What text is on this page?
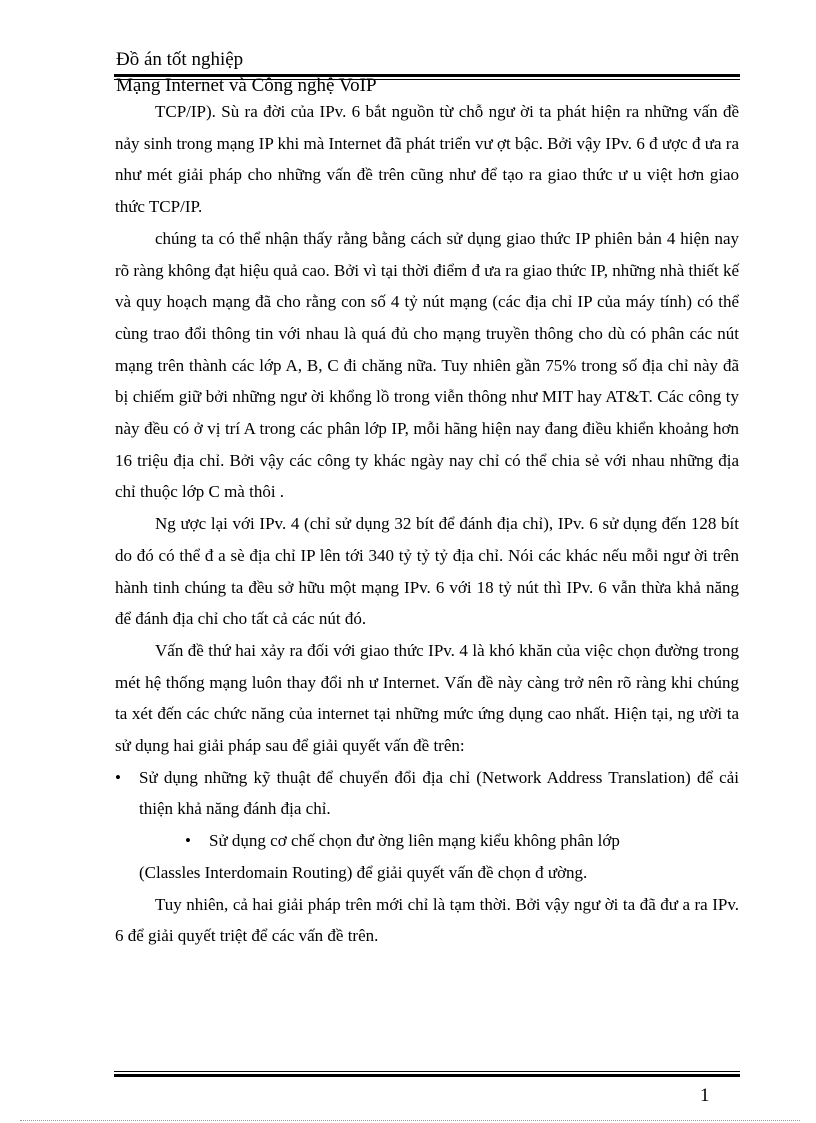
Đồ án tốt nghiệp
Mạng Internet và Công nghệ VoIP

TCP/IP). Sù ra đời của IPv. 6 bắt nguồn từ chỗ ngư ời ta phát hiện ra những vấn đề nảy sinh trong mạng IP khi mà Internet đã phát triển vư ợt bậc. Bởi vậy IPv. 6 đ ược đ ưa ra như mét giải pháp cho những vấn đề trên cũng như để tạo ra giao thức ư u việt hơn giao thức TCP/IP.

chúng ta có thể nhận thấy rằng bằng cách sử dụng giao thức IP phiên bản 4 hiện nay rõ ràng không đạt hiệu quả cao. Bởi vì tại thời điểm đ ưa ra giao thức IP, những nhà thiết kế và quy hoạch mạng đã cho rằng con số 4 tỷ nút mạng (các địa chỉ IP của máy tính) có thể cùng trao đổi thông tin với nhau là quá đủ cho mạng truyền thông cho dù có phân các nút mạng trên thành các lớp A, B, C đi chăng nữa. Tuy nhiên gần 75% trong số địa chỉ này đã bị chiếm giữ bởi những ngư ời khổng lồ trong viễn thông như MIT hay AT&T. Các công ty này đều có ở vị trí A trong các phân lớp IP, mỗi hãng hiện nay đang điều khiển khoảng hơn 16 triệu địa chỉ. Bởi vậy các công ty khác ngày nay chỉ có thể chia sẻ với nhau những địa chỉ thuộc lớp C mà thôi .

Ng ược lại với IPv. 4 (chỉ sử dụng 32 bít để đánh địa chỉ), IPv. 6 sử dụng đến 128 bít do đó có thể đ a sè địa chỉ IP lên tới 340 tỷ tỷ tỷ địa chỉ. Nói các khác nếu mỗi ngư ời trên hành tinh chúng ta đều sở hữu một mạng IPv. 6 với 18 tỷ nút thì IPv. 6 vẫn thừa khả năng để đánh địa chỉ cho tất cả các nút đó.

Vấn đề thứ hai xảy ra đối với giao thức IPv. 4 là khó khăn của việc chọn đường trong mét hệ thống mạng luôn thay đổi nh ư Internet. Vấn đề này càng trở nên rõ ràng khi chúng ta xét đến các chức năng của internet tại những mức ứng dụng cao nhất. Hiện tại, ng ười ta sử dụng hai giải pháp sau để giải quyết vấn đề trên:

• Sử dụng những kỹ thuật để chuyển đổi địa chỉ (Network Address Translation) để cải thiện khả năng đánh địa chỉ.

•	Sử dụng cơ chế chọn đư ờng liên mạng kiểu không phân lớp
(Classles Interdomain Routing) để giải quyết vấn đề chọn đ ường.

Tuy nhiên, cả hai giải pháp trên mới chỉ là tạm thời. Bởi vậy ngư ời ta đã đư a ra IPv. 6 để giải quyết triệt để các vấn đề trên.

1
